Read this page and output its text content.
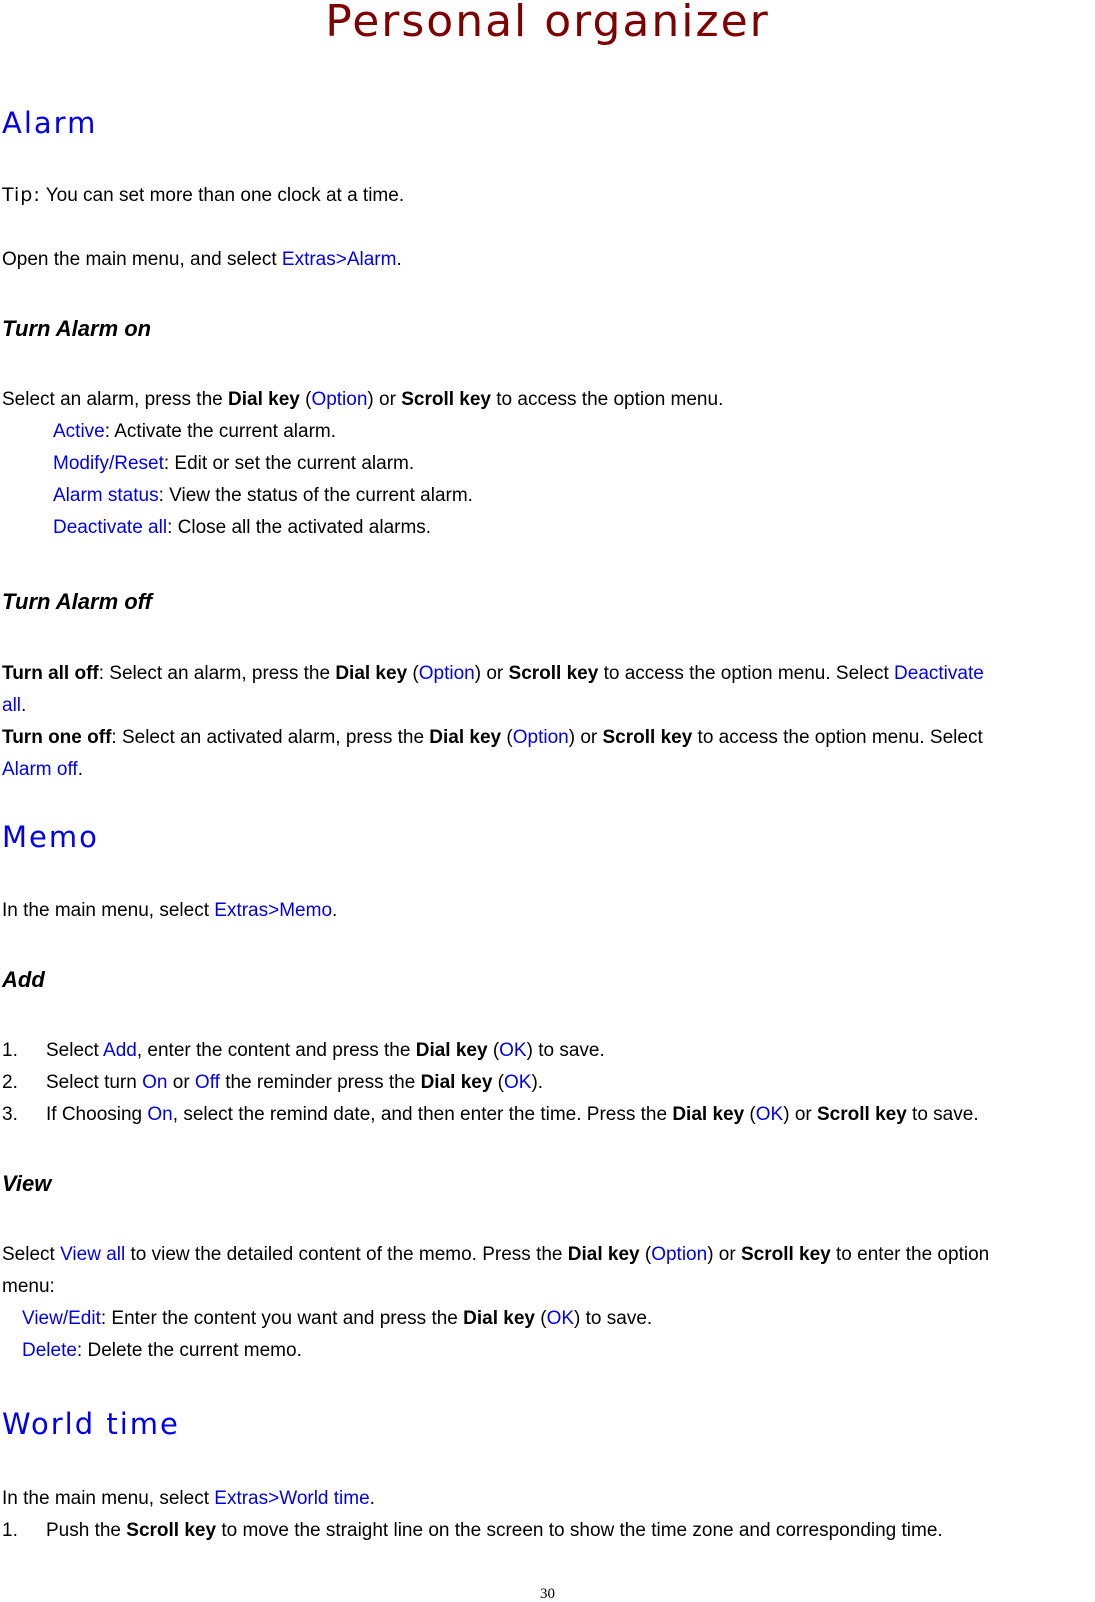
Personal organizer
Alarm
Tip: You can set more than one clock at a time.
Open the main menu, and select Extras>Alarm.
Turn Alarm on
Select an alarm, press the Dial key (Option) or Scroll key to access the option menu.
Active: Activate the current alarm.
Modify/Reset: Edit or set the current alarm.
Alarm status: View the status of the current alarm.
Deactivate all: Close all the activated alarms.
Turn Alarm off
Turn all off: Select an alarm, press the Dial key (Option) or Scroll key to access the option menu. Select Deactivate
all.
Turn one off: Select an activated alarm, press the Dial key (Option) or Scroll key to access the option menu. Select
Alarm off.
Memo
In the main menu, select Extras>Memo.
Add
1. Select Add, enter the content and press the Dial key (OK) to save.
2. Select turn On or Off the reminder press the Dial key (OK).
3. If Choosing On, select the remind date, and then enter the time. Press the Dial key (OK) or Scroll key to save.
View
Select View all to view the detailed content of the memo. Press the Dial key (Option) or Scroll key to enter the option
menu:
View/Edit: Enter the content you want and press the Dial key (OK) to save.
Delete: Delete the current memo.
World time
In the main menu, select Extras>World time.
1. Push the Scroll key to move the straight line on the screen to show the time zone and corresponding time.
30
